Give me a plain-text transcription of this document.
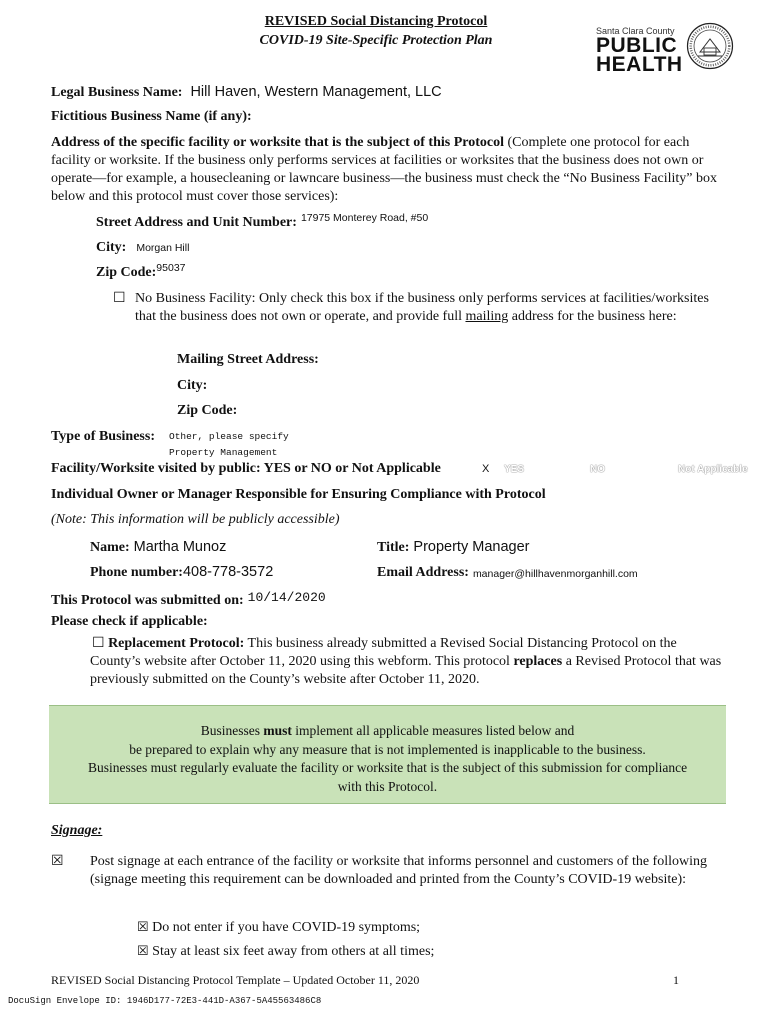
REVISED Social Distancing Protocol
COVID-19 Site-Specific Protection Plan
Santa Clara County
PUBLIC
HEALTH
Legal Business Name: Hill Haven, Western Management, LLC
Fictitious Business Name (if any):
Address of the specific facility or worksite that is the subject of this Protocol (Complete one protocol for each facility or worksite. If the business only performs services at facilities or worksites that the business does not own or operate—for example, a housecleaning or lawncare business—the business must check the “No Business Facility” box below and this protocol must cover those services):
Street Address and Unit Number: $^{17975 Monterey Road, \#50}$
City: Morgan Hill
Zip Code:$^{95037}$
☐ No Business Facility: Only check this box if the business only performs services at facilities/worksites that the business does not own or operate, and provide full mailing address for the business here:
Mailing Street Address:
City:
Zip Code:
Type of Business: Other, please specify
Property Management
Facility/Worksite visited by public: YES or NO or Not Applicable	X YES	NO	Not Applicable
Individual Owner or Manager Responsible for Ensuring Compliance with Protocol
(Note: This information will be publicly accessible)
Name: Martha Munoz	Title: Property Manager
Phone number:408-778-3572	Email Address: manager@hillhavenmorganhill.com
This Protocol was submitted on: 10/14/2020
Please check if applicable:
☐ Replacement Protocol: This business already submitted a Revised Social Distancing Protocol on the County’s website after October 11, 2020 using this webform. This protocol replaces a Revised Protocol that was previously submitted on the County’s website after October 11, 2020.
Businesses must implement all applicable measures listed below and
be prepared to explain why any measure that is not implemented is inapplicable to the business.
Businesses must regularly evaluate the facility or worksite that is the subject of this submission for compliance
with this Protocol.
Signage:
☒ Post signage at each entrance of the facility or worksite that informs personnel and customers of the following (signage meeting this requirement can be downloaded and printed from the County’s COVID-19 website):
☒ Do not enter if you have COVID-19 symptoms;
☒ Stay at least six feet away from others at all times;
REVISED Social Distancing Protocol Template – Updated October 11, 2020	1
DocuSign Envelope ID: 1946D177-72E3-441D-A367-5A45563486C8
